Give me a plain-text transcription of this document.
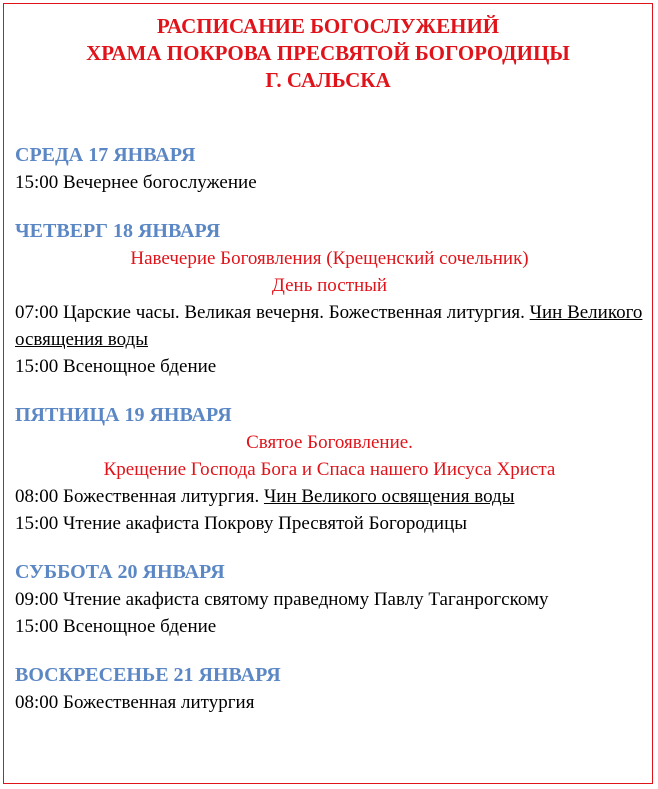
РАСПИСАНИЕ БОГОСЛУЖЕНИЙ
ХРАМА ПОКРОВА ПРЕСВЯТОЙ БОГОРОДИЦЫ
Г. САЛЬСКА
СРЕДА 17 ЯНВАРЯ
15:00 Вечернее богослужение
ЧЕТВЕРГ 18 ЯНВАРЯ
Навечерие Богоявления (Крещенский сочельник)
День постный
07:00 Царские часы. Великая вечерня. Божественная литургия. Чин Великого освящения воды
15:00 Всенощное бдение
ПЯТНИЦА 19 ЯНВАРЯ
Святое Богоявление.
Крещение Господа Бога и Спаса нашего Иисуса Христа
08:00 Божественная литургия. Чин Великого освящения воды
15:00 Чтение акафиста Покрову Пресвятой Богородицы
СУББОТА 20 ЯНВАРЯ
09:00 Чтение акафиста святому праведному Павлу Таганрогскому
15:00 Всенощное бдение
ВОСКРЕСЕНЬЕ 21 ЯНВАРЯ
08:00 Божественная литургия
